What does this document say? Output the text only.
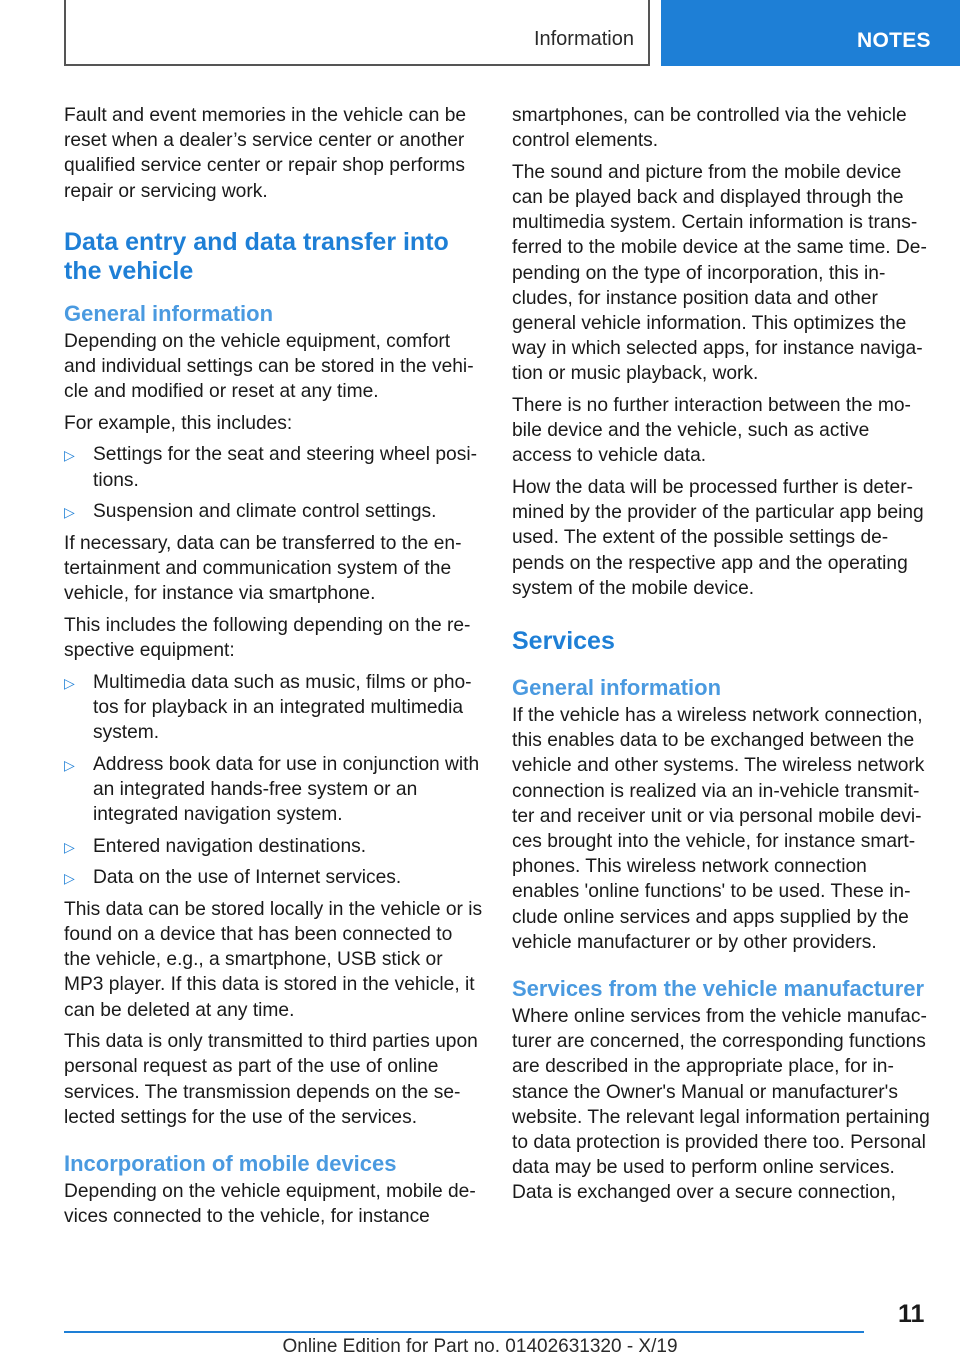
Information	NOTES

Fault and event memories in the vehicle can be reset when a dealer’s service center or another qualified service center or repair shop performs repair or servicing work.

Data entry and data transfer into the vehicle
General information

Depending on the vehicle equipment, comfort and individual settings can be stored in the vehicle and modified or reset at any time.

For example, this includes:

▷ Settings for the seat and steering wheel positions.
▷ Suspension and climate control settings.

If necessary, data can be transferred to the entertainment and communication system of the vehicle, for instance via smartphone.

This includes the following depending on the respective equipment:

▷ Multimedia data such as music, films or photos for playback in an integrated multimedia system.
▷ Address book data for use in conjunction with an integrated hands-free system or an integrated navigation system.
▷ Entered navigation destinations.
▷ Data on the use of Internet services.

This data can be stored locally in the vehicle or is found on a device that has been connected to the vehicle, e.g., a smartphone, USB stick or MP3 player. If this data is stored in the vehicle, it can be deleted at any time.

This data is only transmitted to third parties upon personal request as part of the use of online services. The transmission depends on the selected settings for the use of the services.

Incorporation of mobile devices

Depending on the vehicle equipment, mobile devices connected to the vehicle, for instance

smartphones, can be controlled via the vehicle control elements.

The sound and picture from the mobile device can be played back and displayed through the multimedia system. Certain information is transferred to the mobile device at the same time. Depending on the type of incorporation, this includes, for instance position data and other general vehicle information. This optimizes the way in which selected apps, for instance navigation or music playback, work.

There is no further interaction between the mobile device and the vehicle, such as active access to vehicle data.

How the data will be processed further is determined by the provider of the particular app being used. The extent of the possible settings depends on the respective app and the operating system of the mobile device.

Services
General information

If the vehicle has a wireless network connection, this enables data to be exchanged between the vehicle and other systems. The wireless network connection is realized via an in-vehicle transmitter and receiver unit or via personal mobile devices brought into the vehicle, for instance smartphones. This wireless network connection enables 'online functions' to be used. These include online services and apps supplied by the vehicle manufacturer or by other providers.

Services from the vehicle manufacturer

Where online services from the vehicle manufacturer are concerned, the corresponding functions are described in the appropriate place, for instance the Owner's Manual or manufacturer's website. The relevant legal information pertaining to data protection is provided there too. Personal data may be used to perform online services. Data is exchanged over a secure connection,

11
Online Edition for Part no. 01402631320 - X/19
